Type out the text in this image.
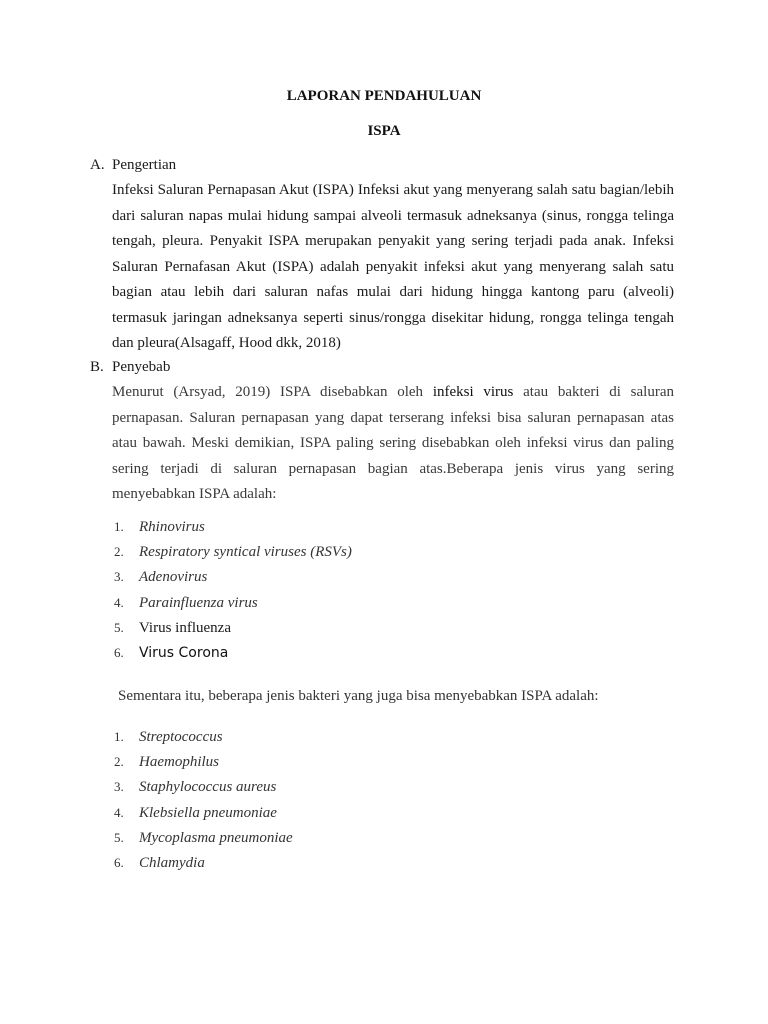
LAPORAN PENDAHULUAN
ISPA
A. Pengertian
Infeksi Saluran Pernapasan Akut (ISPA) Infeksi akut yang menyerang salah satu bagian/lebih dari saluran napas mulai hidung sampai alveoli termasuk adneksanya (sinus, rongga telinga tengah, pleura. Penyakit ISPA merupakan penyakit yang sering terjadi pada anak. Infeksi Saluran Pernafasan Akut (ISPA) adalah penyakit infeksi akut yang menyerang salah satu bagian atau lebih dari saluran nafas mulai dari hidung hingga kantong paru (alveoli) termasuk jaringan adneksanya seperti sinus/rongga disekitar hidung, rongga telinga tengah dan pleura(Alsagaff, Hood dkk, 2018)
B. Penyebab
Menurut (Arsyad, 2019) ISPA disebabkan oleh infeksi virus atau bakteri di saluran pernapasan. Saluran pernapasan yang dapat terserang infeksi bisa saluran pernapasan atas atau bawah. Meski demikian, ISPA paling sering disebabkan oleh infeksi virus dan paling sering terjadi di saluran pernapasan bagian atas.Beberapa jenis virus yang sering menyebabkan ISPA adalah:
1. Rhinovirus
2. Respiratory syntical viruses (RSVs)
3. Adenovirus
4. Parainfluenza virus
5. Virus influenza
6. Virus Corona
Sementara itu, beberapa jenis bakteri yang juga bisa menyebabkan ISPA adalah:
1. Streptococcus
2. Haemophilus
3. Staphylococcus aureus
4. Klebsiella pneumoniae
5. Mycoplasma pneumoniae
6. Chlamydia
